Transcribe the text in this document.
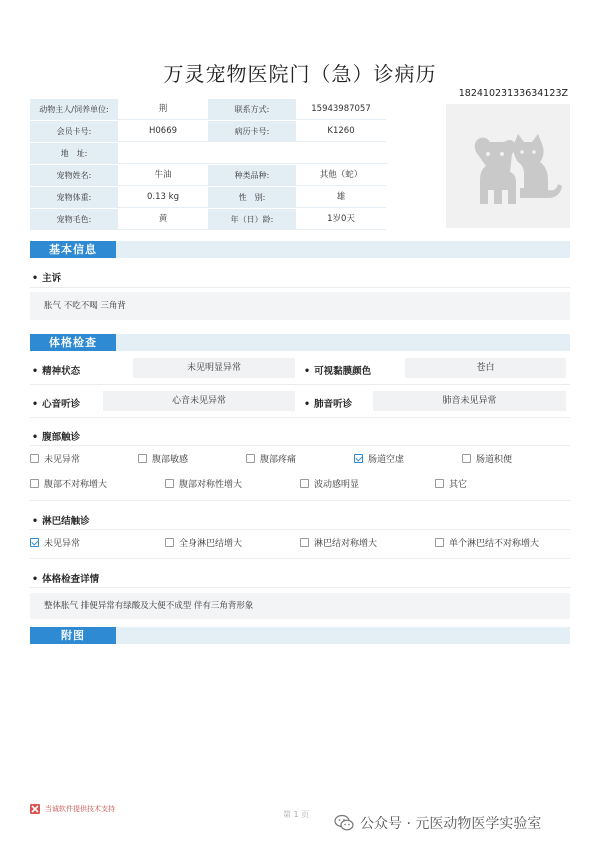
万灵宠物医院门（急）诊病历
18241023133634123Z
动物主人/饲养单位:	荆	联系方式:	15943987057
会员卡号:	H0669	病历卡号:	K1260
地　址:
宠物姓名:	牛油	种类品种:	其他（蛇）
宠物体重:	0.13 kg	性　别:	雄
宠物毛色:	黄	年（日）龄:	1岁0天
基本信息
• 主诉
胀气 不吃不喝 三角背
体格检查
• 精神状态	未见明显异常	• 可视黏膜颜色	苍白
• 心音听诊	心音未见异常	• 肺音听诊	肺音未见异常
• 腹部触诊
未见异常	腹部敏感	腹部疼痛	肠道空虚	肠道积便
腹部不对称增大	腹部对称性增大	波动感明显	其它
• 淋巴结触诊
未见异常	全身淋巴结增大	淋巴结对称增大	单个淋巴结不对称增大
• 体格检查详情
整体胀气 排便异常有绿酸及大便不成型 伴有三角背形象
附图
当诚软件提供技术支持
第 1 页
公众号 · 元医动物医学实验室
